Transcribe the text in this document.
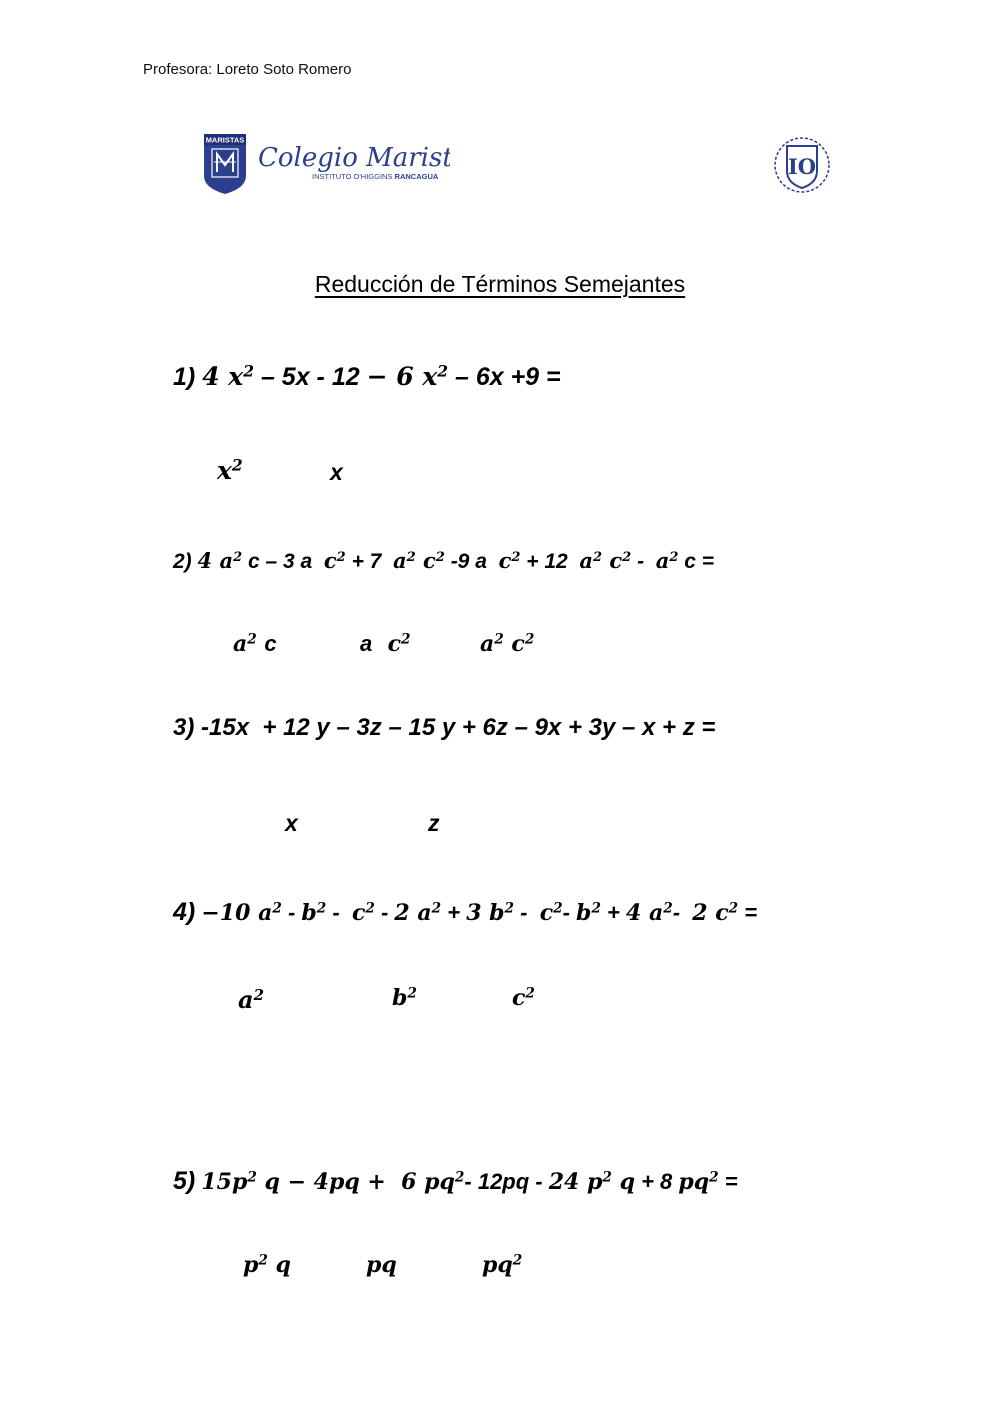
Profesora: Loreto Soto Romero
MARISTAS
Colegio Marista
INSTITUTO O'HIGGINS RANCAGUA	IO
Reducción de Términos Semejantes
1) 4 $x^2 - 5x - 12 - 6$ $x^2 - 6x +9$ =
$x^2$	x
2) 4 $a^2$ c – 3 a  $c^2 + 7$  $a^2$ $c^2$ -9 a  $c^2 + 12$  $a^2$ $c^2 - a^2$ c =
$a^2$ c	a $c^2$	$a^2$ $c^2$
3) -15x  + 12 y – 3z – 15 y + 6z – 9x + 3y – x + z =
x	z
4) −10 $a^2 - b^2 - c^2 - 2$ $a^2 + 3$ $b^2 - c^2-$ $b^2 + 4$ $a^2-$  2 $c^2$ =
$a^2$	$b^2$	$c^2$
5) $15p^2$ q − 4pq +  6 $pq^2-$ 12pq - 24 $p^2$ q + 8 $pq^2$ =
$p^2$ q	pq	$pq^2$
